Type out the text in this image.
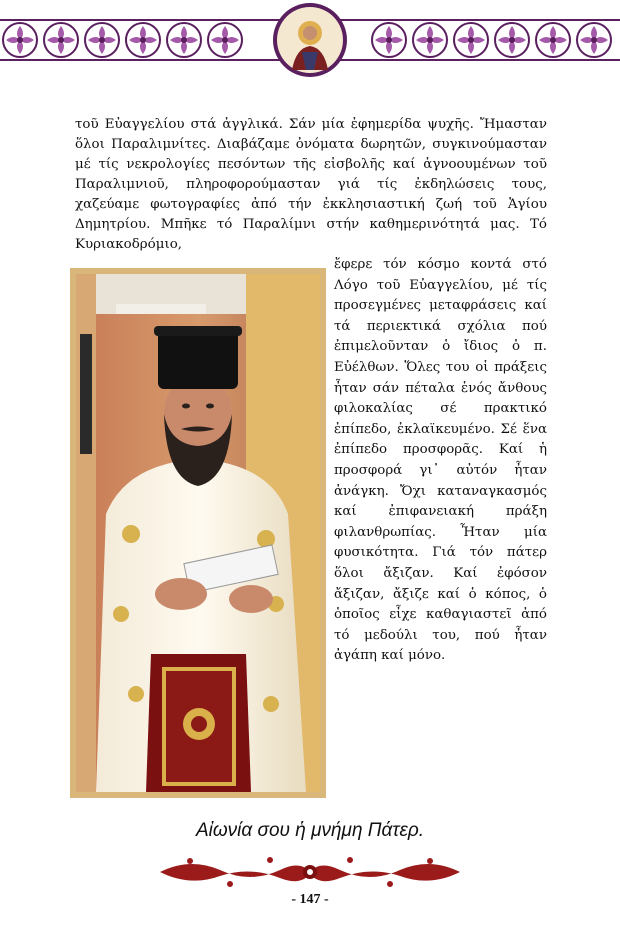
τοῦ Εὐαγγελίου στά ἀγγλικά. Σάν μία ἐφημερίδα ψυχῆς. Ἤμασταν ὅλοι Παραλιμνίτες. Διαβάζαμε ὀνόματα δωρητῶν, συγκινούμασταν μέ τίς νεκρολογίες πεσόντων τῆς εἰσβολῆς καί ἀγνοουμένων τοῦ Παραλιμνιοῦ, πληροφορούμασταν γιά τίς ἐκδηλώσεις τους, χαζεύαμε φωτογραφίες ἀπό τήν ἐκκλησιαστική ζωή τοῦ Ἁγίου Δημητρίου. Μπῆκε τό Παραλίμνι στήν καθημερινότητά μας. Τό Κυριακοδρόμιο,

ἔφερε τόν κόσμο κοντά στό Λόγο τοῦ Εὐαγγελίου, μέ τίς προσεγμένες μεταφράσεις καί τά περιεκτικά σχόλια πού ἐπιμελοῦνταν ὁ ἴδιος ὁ π. Εὐέλθων. Ὅλες του οἱ πράξεις ἦταν σάν πέταλα ἑνός ἄνθους φιλοκαλίας σέ πρακτικό ἐπίπεδο, ἐκλαϊκευμένο. Σέ ἕνα ἐπίπεδο προσφορᾶς. Καί ἡ προσφορά γι᾽ αὐτόν ἦταν ἀνάγκη. Ὄχι καταναγκασμός καί ἐπιφανειακή πράξη φιλανθρωπίας. Ἦταν μία φυσικότητα. Γιά τόν πάτερ ὅλοι ἄξιζαν. Καί ἐφόσον ἄξιζαν, ἄξιζε καί ὁ κόπος, ὁ ὁποῖος εἶχε καθαγιαστεῖ ἀπό τό μεδούλι του, πού ἦταν ἀγάπη καί μόνο.

Αἰωνία σου ἡ μνήμη Πάτερ.
- 147 -
